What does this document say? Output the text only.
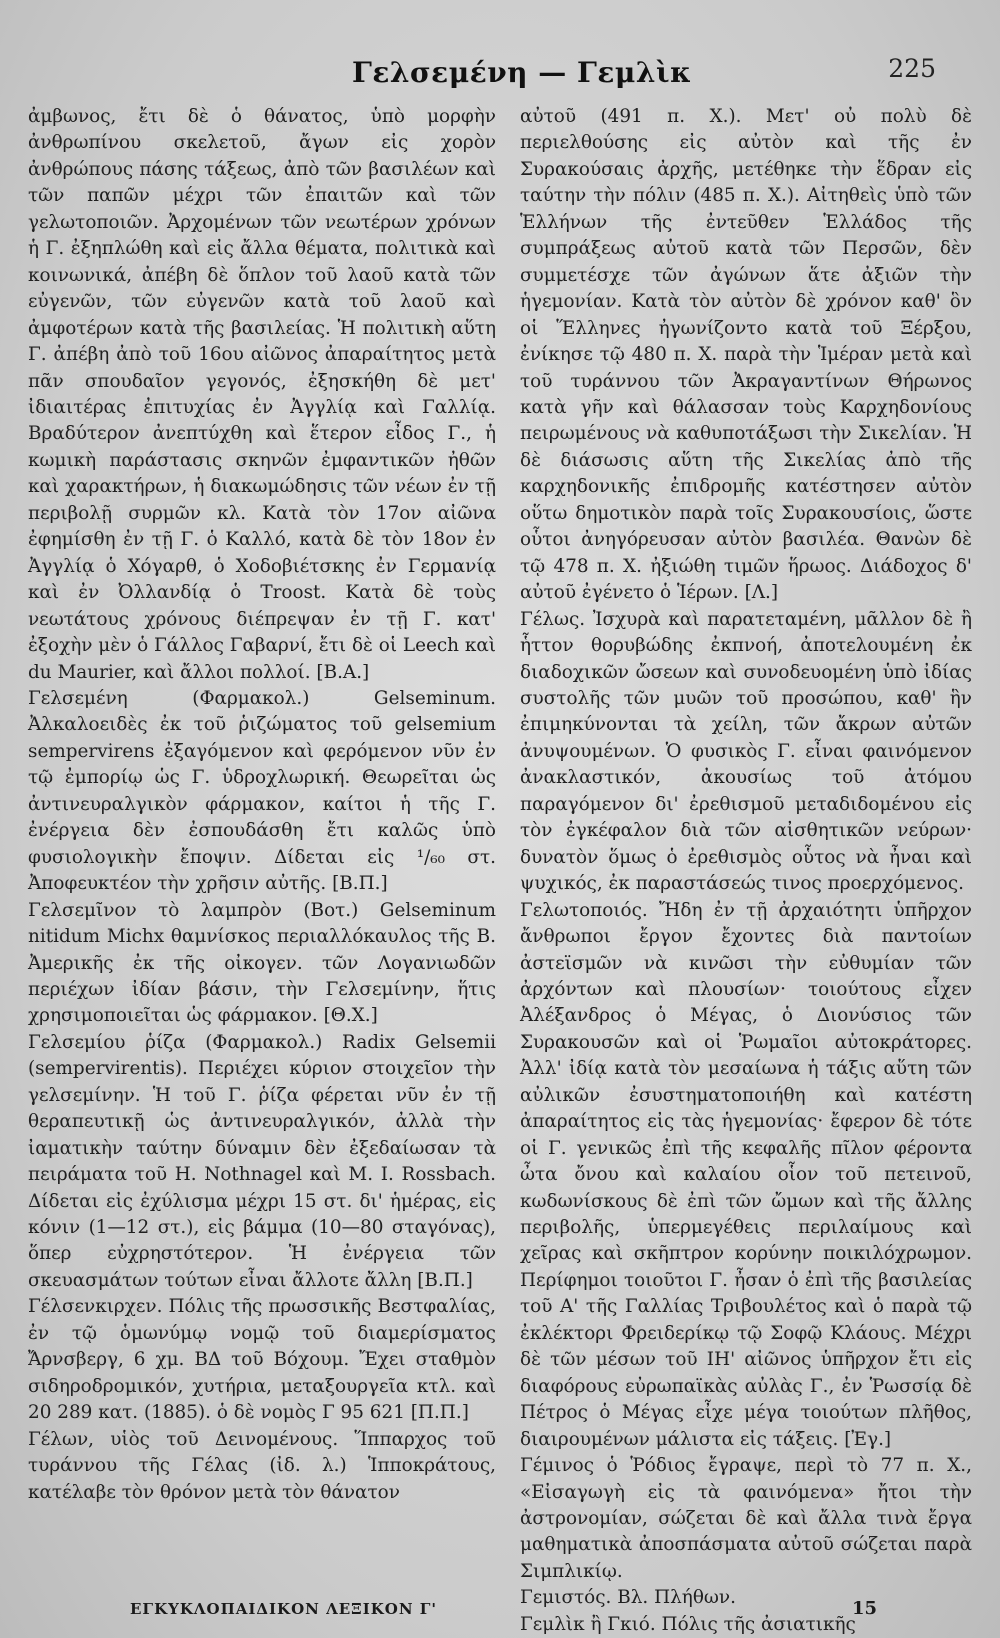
Γελσεμένη — Γεμλὶκ	225

ἀμβωνος, ἔτι δὲ ὁ θάνατος, ὑπὸ μορφὴν ἀνθρωπίνου σκελετοῦ, ἄγων εἰς χορὸν ἀνθρώπους πάσης τάξεως, ἀπὸ τῶν βασιλέων καὶ τῶν παπῶν μέχρι τῶν ἐπαιτῶν καὶ τῶν γελωτοποιῶν. Ἀρχομένων τῶν νεωτέρων χρόνων ἡ Γ. ἐξηπλώθη καὶ εἰς ἄλλα θέματα, πολιτικὰ καὶ κοινωνικά, ἀπέβη δὲ ὅπλον τοῦ λαοῦ κατὰ τῶν εὐγενῶν, τῶν εὐγενῶν κατὰ τοῦ λαοῦ καὶ ἀμφοτέρων κατὰ τῆς βασιλείας. Ἡ πολιτικὴ αὕτη Γ. ἀπέβη ἀπὸ τοῦ 16ου αἰῶνος ἀπαραίτητος μετὰ πᾶν σπουδαῖον γεγονός, ἐξησκήθη δὲ μετ' ἰδιαιτέρας ἐπιτυχίας ἐν Ἀγγλίᾳ καὶ Γαλλίᾳ. Βραδύτερον ἀνεπτύχθη καὶ ἕτερον εἶδος Γ., ἡ κωμικὴ παράστασις σκηνῶν ἐμφαντικῶν ἠθῶν καὶ χαρακτήρων, ἡ διακωμώδησις τῶν νέων ἐν τῇ περιβολῇ συρμῶν κλ. Κατὰ τὸν 17ον αἰῶνα ἐφημίσθη ἐν τῇ Γ. ὁ Καλλό, κατὰ δὲ τὸν 18ον ἐν Ἀγγλίᾳ ὁ Χόγαρθ, ὁ Χοδοβιέτσκης ἐν Γερμανίᾳ καὶ ἐν Ὀλλανδίᾳ ὁ Troost. Κατὰ δὲ τοὺς νεωτάτους χρόνους διέπρεψαν ἐν τῇ Γ. κατ' ἐξοχὴν μὲν ὁ Γάλλος Γαβαρνί, ἔτι δὲ οἱ Leech καὶ du Maurier, καὶ ἄλλοι πολλοί. [Β.Α.]

Γελσεμένη (Φαρμακολ.) Gelseminum. Ἀλκαλοειδὲς ἐκ τοῦ ῥιζώματος τοῦ gelsemium sempervirens ἐξαγόμενον καὶ φερόμενον νῦν ἐν τῷ ἐμπορίῳ ὡς Γ. ὑδροχλωρική. Θεωρεῖται ὡς ἀντινευραλγικὸν φάρμακον, καίτοι ἡ τῆς Γ. ἐνέργεια δὲν ἐσπουδάσθη ἔτι καλῶς ὑπὸ φυσιολογικὴν ἔποψιν. Δίδεται εἰς ¹/₆₀ στ. Ἀποφευκτέον τὴν χρῆσιν αὐτῆς. [Β.Π.]

Γελσεμῖνον τὸ λαμπρὸν (Βοτ.) Gelseminum nitidum Michx θαμνίσκος περιαλλόκαυλος τῆς Β. Ἀμερικῆς ἐκ τῆς οἰκογεν. τῶν Λογανιωδῶν περιέχων ἰδίαν βάσιν, τὴν Γελσεμίνην, ἥτις χρησιμοποιεῖται ὡς φάρμακον. [Θ.Χ.]

Γελσεμίου ῥίζα (Φαρμακολ.) Radix Gelsemii (sempervirentis). Περιέχει κύριον στοιχεῖον τὴν γελσεμίνην. Ἡ τοῦ Γ. ῥίζα φέρεται νῦν ἐν τῇ θεραπευτικῇ ὡς ἀντινευραλγικόν, ἀλλὰ τὴν ἰαματικὴν ταύτην δύναμιν δὲν ἐξεδαίωσαν τὰ πειράματα τοῦ H. Nothnagel καὶ M. I. Rossbach. Δίδεται εἰς ἐχύλισμα μέχρι 15 στ. δι' ἡμέρας, εἰς κόνιν (1—12 στ.), εἰς βάμμα (10—80 σταγόνας), ὅπερ εὐχρηστότερον. Ἡ ἐνέργεια τῶν σκευασμάτων τούτων εἶναι ἄλλοτε ἄλλη [Β.Π.]

Γέλσενκιρχεν. Πόλις τῆς πρωσσικῆς Βεστφαλίας, ἐν τῷ ὁμωνύμῳ νομῷ τοῦ διαμερίσματος Ἄρνσβεργ, 6 χμ. ΒΔ τοῦ Βόχουμ. Ἔχει σταθμὸν σιδηροδρομικόν, χυτήρια, μεταξουργεῖα κτλ. καὶ 20 289 κατ. (1885). ὁ δὲ νομὸς Γ 95 621 [Π.Π.]

Γέλων, υἱὸς τοῦ Δεινομένους. Ἵππαρχος τοῦ τυράννου τῆς Γέλας (ἰδ. λ.) Ἱπποκράτους, κατέλαβε τὸν θρόνον μετὰ τὸν θάνατον

αὐτοῦ (491 π. Χ.). Μετ' οὐ πολὺ δὲ περιελθούσης εἰς αὐτὸν καὶ τῆς ἐν Συρακούσαις ἀρχῆς, μετέθηκε τὴν ἕδραν εἰς ταύτην τὴν πόλιν (485 π. Χ.). Αἰτηθεὶς ὑπὸ τῶν Ἑλλήνων τῆς ἐντεῦθεν Ἑλλάδος τῆς συμπράξεως αὐτοῦ κατὰ τῶν Περσῶν, δὲν συμμετέσχε τῶν ἀγώνων ἅτε ἀξιῶν τὴν ἡγεμονίαν. Κατὰ τὸν αὐτὸν δὲ χρόνον καθ' ὃν οἱ Ἕλληνες ἠγωνίζοντο κατὰ τοῦ Ξέρξου, ἐνίκησε τῷ 480 π. Χ. παρὰ τὴν Ἱμέραν μετὰ καὶ τοῦ τυράννου τῶν Ἀκραγαντίνων Θήρωνος κατὰ γῆν καὶ θάλασσαν τοὺς Καρχηδονίους πειρωμένους νὰ καθυποτάξωσι τὴν Σικελίαν. Ἡ δὲ διάσωσις αὕτη τῆς Σικελίας ἀπὸ τῆς καρχηδονικῆς ἐπιδρομῆς κατέστησεν αὐτὸν οὕτω δημοτικὸν παρὰ τοῖς Συρακουσίοις, ὥστε οὗτοι ἀνηγόρευσαν αὐτὸν βασιλέα. Θανὼν δὲ τῷ 478 π. Χ. ἠξιώθη τιμῶν ἥρωος. Διάδοχος δ' αὐτοῦ ἐγένετο ὁ Ἱέρων. [Λ.]

Γέλως. Ἰσχυρὰ καὶ παρατεταμένη, μᾶλλον δὲ ἢ ἧττον θορυβώδης ἐκπνοή, ἀποτελουμένη ἐκ διαδοχικῶν ὤσεων καὶ συνοδευομένη ὑπὸ ἰδίας συστολῆς τῶν μυῶν τοῦ προσώπου, καθ' ἣν ἐπιμηκύνονται τὰ χείλη, τῶν ἄκρων αὐτῶν ἀνυψουμένων. Ὁ φυσικὸς Γ. εἶναι φαινόμενον ἀνακλαστικόν, ἀκουσίως τοῦ ἀτόμου παραγόμενον δι' ἐρεθισμοῦ μεταδιδομένου εἰς τὸν ἐγκέφαλον διὰ τῶν αἰσθητικῶν νεύρων· δυνατὸν ὅμως ὁ ἐρεθισμὸς οὗτος νὰ ἦναι καὶ ψυχικός, ἐκ παραστάσεώς τινος προερχόμενος.

Γελωτοποιός. Ἤδη ἐν τῇ ἀρχαιότητι ὑπῆρχον ἄνθρωποι ἔργον ἔχοντες διὰ παντοίων ἀστεϊσμῶν νὰ κινῶσι τὴν εὐθυμίαν τῶν ἀρχόντων καὶ πλουσίων· τοιούτους εἶχεν Ἀλέξανδρος ὁ Μέγας, ὁ Διονύσιος τῶν Συρακουσῶν καὶ οἱ Ῥωμαῖοι αὐτοκράτορες. Ἀλλ' ἰδίᾳ κατὰ τὸν μεσαίωνα ἡ τάξις αὕτη τῶν αὐλικῶν ἐσυστηματοποιήθη καὶ κατέστη ἀπαραίτητος εἰς τὰς ἡγεμονίας· ἔφερον δὲ τότε οἱ Γ. γενικῶς ἐπὶ τῆς κεφαλῆς πῖλον φέροντα ὦτα ὄνου καὶ καλαίου οἷον τοῦ πετεινοῦ, κωδωνίσκους δὲ ἐπὶ τῶν ὤμων καὶ τῆς ἄλλης περιβολῆς, ὑπερμεγέθεις περιλαίμους καὶ χεῖρας καὶ σκῆπτρον κορύνην ποικιλόχρωμον. Περίφημοι τοιοῦτοι Γ. ἦσαν ὁ ἐπὶ τῆς βασιλείας τοῦ Α' τῆς Γαλλίας Τριβουλέτος καὶ ὁ παρὰ τῷ ἐκλέκτορι Φρειδερίκῳ τῷ Σοφῷ Κλάους. Μέχρι δὲ τῶν μέσων τοῦ ΙΗ' αἰῶνος ὑπῆρχον ἔτι εἰς διαφόρους εὐρωπαϊκὰς αὐλὰς Γ., ἐν Ῥωσσίᾳ δὲ Πέτρος ὁ Μέγας εἶχε μέγα τοιούτων πλῆθος, διαιρουμένων μάλιστα εἰς τάξεις. [Ἐγ.]

Γέμινος ὁ Ῥόδιος ἔγραψε, περὶ τὸ 77 π. Χ., «Εἰσαγωγὴ εἰς τὰ φαινόμενα» ἤτοι τὴν ἀστρονομίαν, σώζεται δὲ καὶ ἄλλα τινὰ ἔργα μαθηματικὰ ἀποσπάσματα αὐτοῦ σώζεται παρὰ Σιμπλικίῳ.

Γεμιστός. Βλ. Πλήθων.

Γεμλὶκ ἢ Γκιό. Πόλις τῆς ἀσιατικῆς

ΕΓΚΥΚΛΟΠΑΙΔΙΚΟΝ ΛΕΞΙΚΟΝ Γ'	15
